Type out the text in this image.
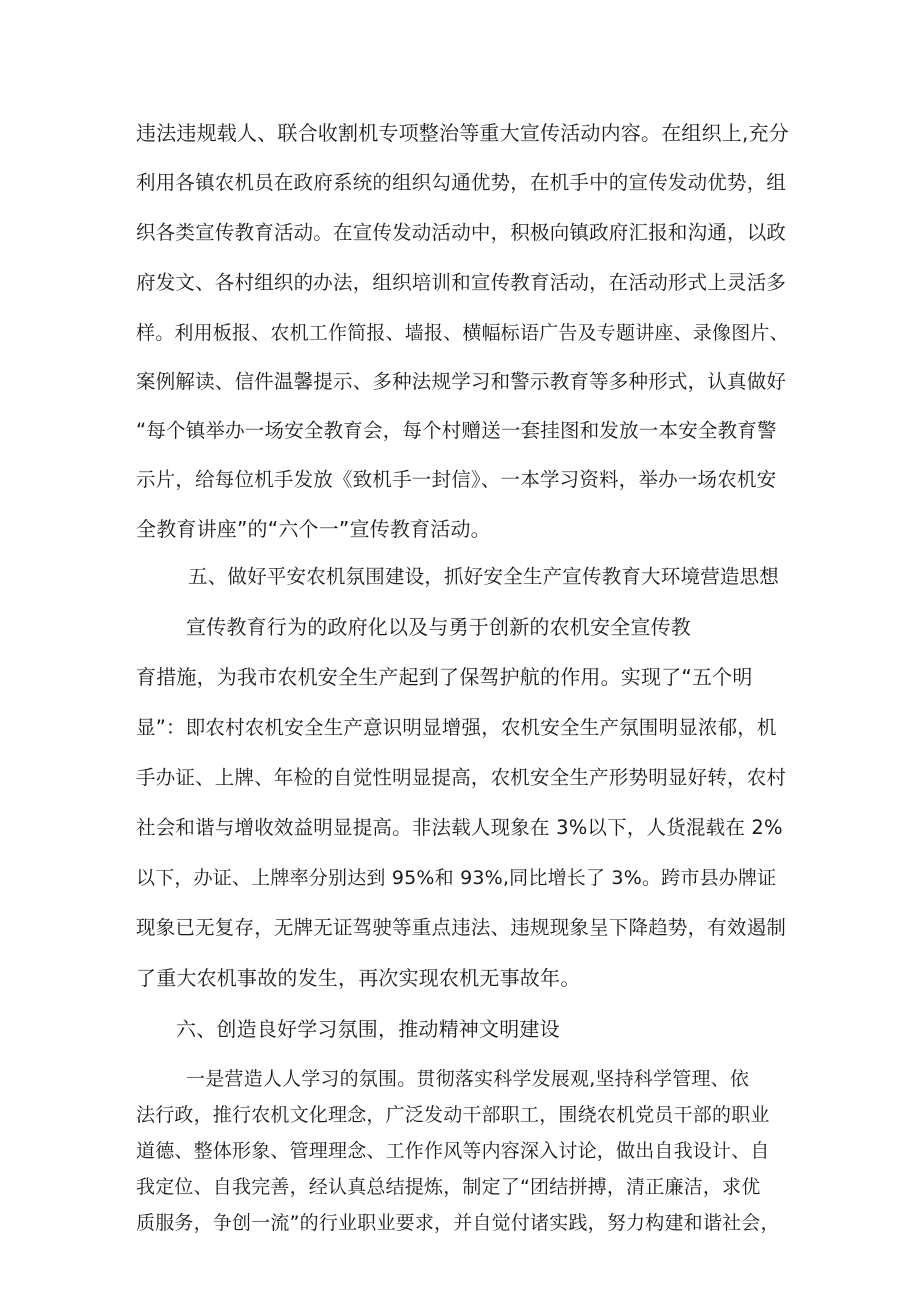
违法违规载人、联合收割机专项整治等重大宣传活动内容。在组织上,充分
利用各镇农机员在政府系统的组织勾通优势，在机手中的宣传发动优势，组
织各类宣传教育活动。在宣传发动活动中，积极向镇政府汇报和沟通，以政
府发文、各村组织的办法，组织培训和宣传教育活动，在活动形式上灵活多
样。利用板报、农机工作简报、墙报、横幅标语广告及专题讲座、录像图片、
案例解读、信件温馨提示、多种法规学习和警示教育等多种形式，认真做好
“每个镇举办一场安全教育会，每个村赠送一套挂图和发放一本安全教育警
示片，给每位机手发放《致机手一封信》、一本学习资料，举办一场农机安
全教育讲座”的“六个一”宣传教育活动。
五、做好平安农机氛围建设，抓好安全生产宣传教育大环境营造思想
宣传教育行为的政府化以及与勇于创新的农机安全宣传教
育措施，为我市农机安全生产起到了保驾护航的作用。实现了“五个明
显”：即农村农机安全生产意识明显增强，农机安全生产氛围明显浓郁，机
手办证、上牌、年检的自觉性明显提高，农机安全生产形势明显好转，农村
社会和谐与增收效益明显提高。非法载人现象在 3%以下，人货混载在 2%
以下，办证、上牌率分别达到 95%和 93%,同比增长了 3%。跨市县办牌证
现象已无复存，无牌无证驾驶等重点违法、违规现象呈下降趋势，有效遏制
了重大农机事故的发生，再次实现农机无事故年。
六、创造良好学习氛围，推动精神文明建设
一是营造人人学习的氛围。贯彻落实科学发展观,坚持科学管理、依
法行政，推行农机文化理念，广泛发动干部职工，围绕农机党员干部的职业
道德、整体形象、管理理念、工作作风等内容深入讨论，做出自我设计、自
我定位、自我完善，经认真总结提炼，制定了“团结拼搏，清正廉洁，求优
质服务，争创一流”的行业职业要求，并自觉付诸实践，努力构建和谐社会，
